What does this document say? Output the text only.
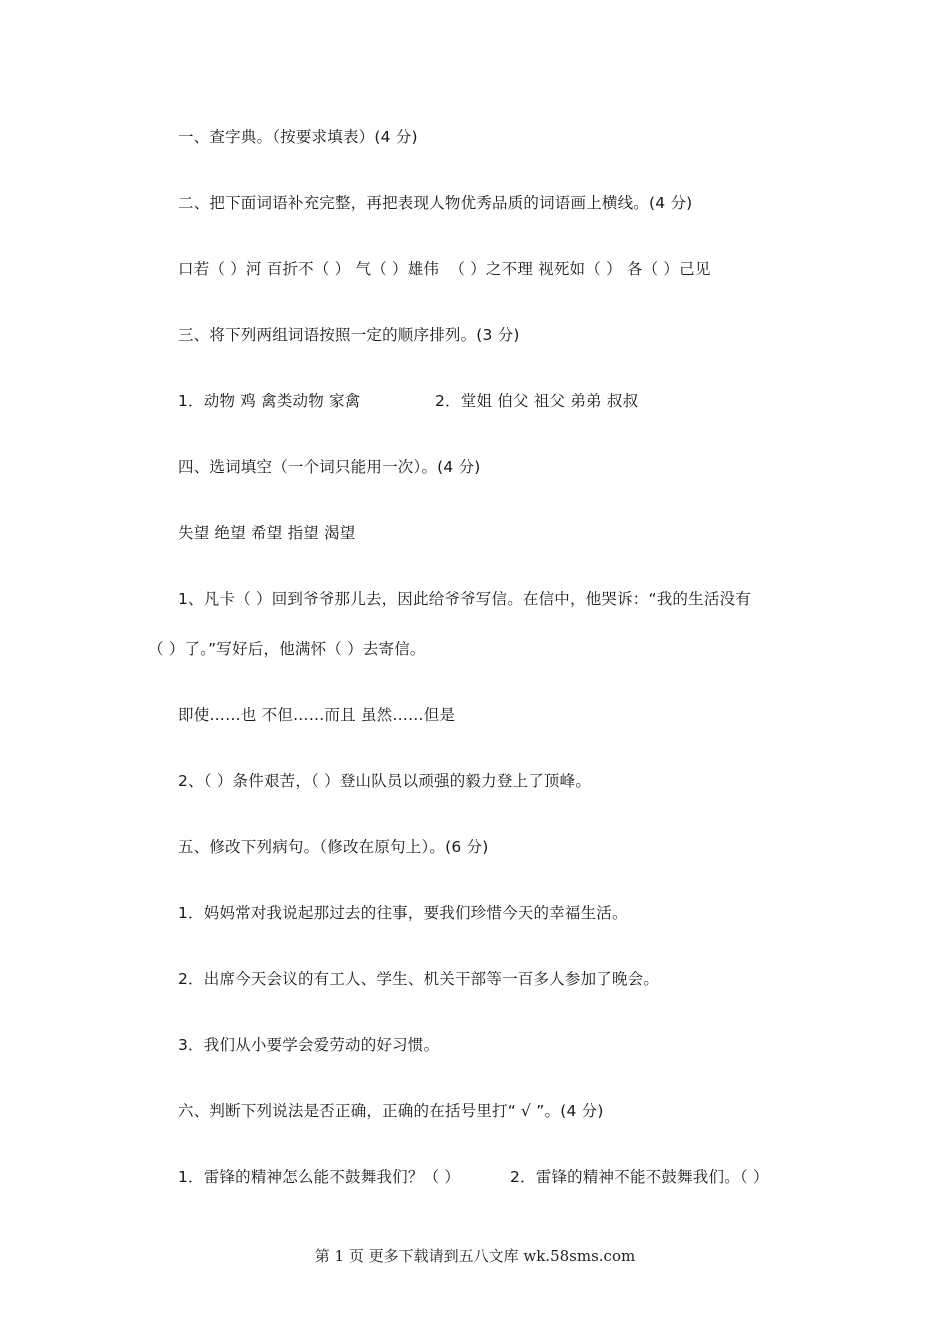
一、查字典。（按要求填表）(4 分)
二、把下面词语补充完整，再把表现人物优秀品质的词语画上横线。(4 分)
口若（ ）河 百折不（ ） 气（ ）雄伟  （ ）之不理 视死如（ ） 各（ ）己见
三、将下列两组词语按照一定的顺序排列。(3 分)
1．动物 鸡 禽类动物 家禽	2．堂姐 伯父 祖父 弟弟 叔叔
四、选词填空（一个词只能用一次）。(4 分)
失望 绝望 希望 指望 渴望
1、凡卡（ ）回到爷爷那儿去，因此给爷爷写信。在信中，他哭诉：“我的生活没有
（ ）了。”写好后，他满怀（ ）去寄信。
即使……也 不但……而且 虽然……但是
2、（ ）条件艰苦，（ ）登山队员以顽强的毅力登上了顶峰。
五、修改下列病句。（修改在原句上）。(6 分)
1．妈妈常对我说起那过去的往事，要我们珍惜今天的幸福生活。
2．出席今天会议的有工人、学生、机关干部等一百多人参加了晚会。
3．我们从小要学会爱劳动的好习惯。
六、判断下列说法是否正确，正确的在括号里打“ √ ”。(4 分)
1．雷锋的精神怎么能不鼓舞我们？（ ）	2．雷锋的精神不能不鼓舞我们。（ ）
第 1 页 更多下载请到五八文库 wk.58sms.com
